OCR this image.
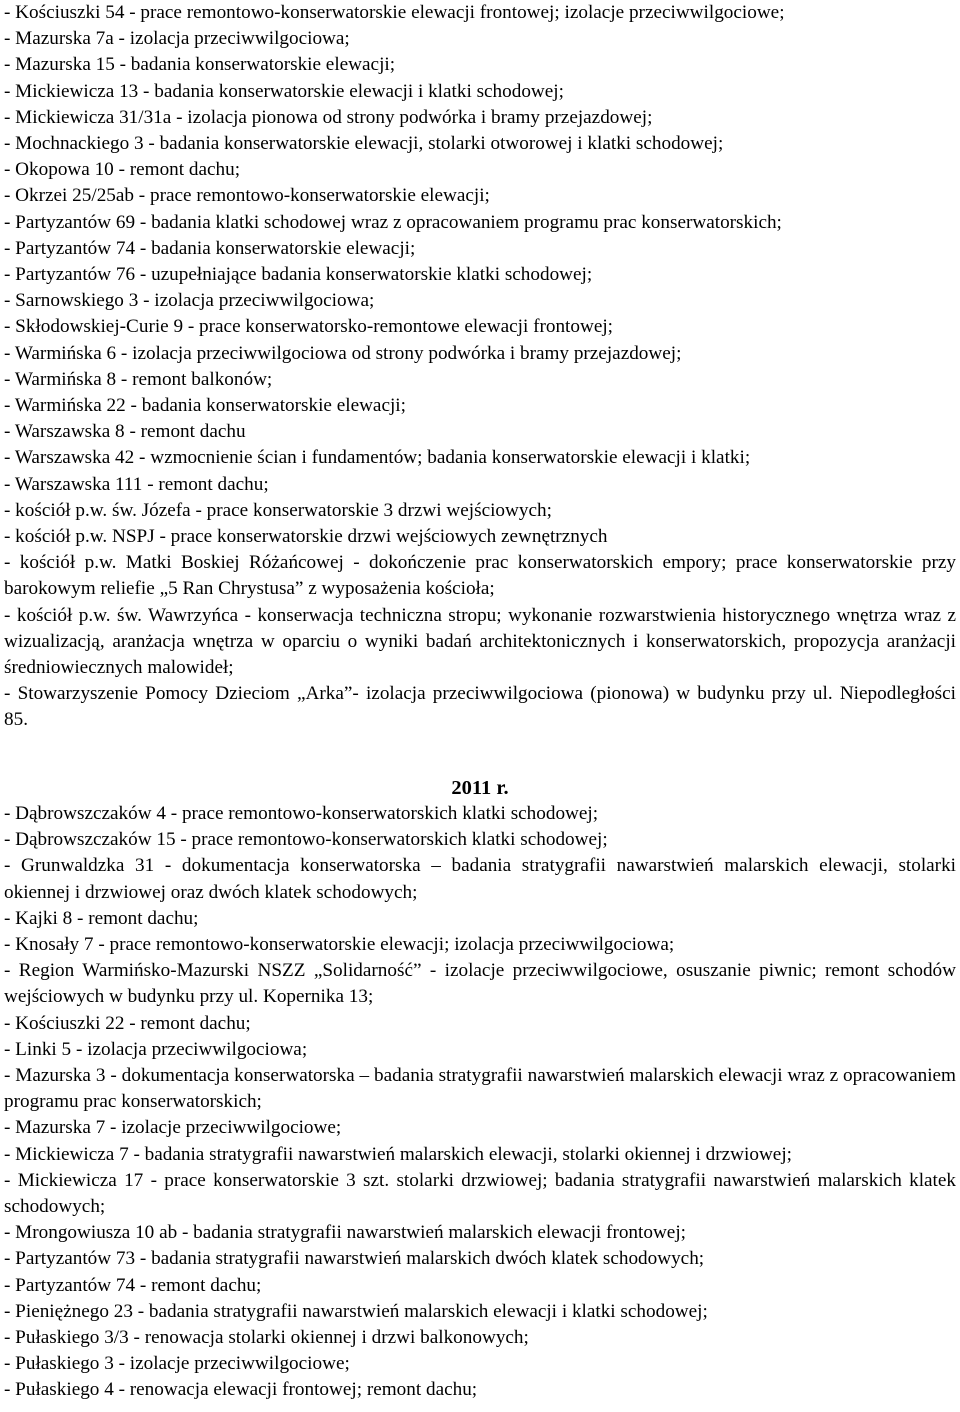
- Kościuszki 54 - prace remontowo-konserwatorskie elewacji frontowej; izolacje przeciwwilgociowe;

- Mazurska 7a - izolacja przeciwwilgociowa;

- Mazurska 15 - badania konserwatorskie elewacji;

- Mickiewicza 13 - badania konserwatorskie elewacji i klatki schodowej;

- Mickiewicza 31/31a - izolacja pionowa od strony podwórka i bramy przejazdowej;

- Mochnackiego 3 - badania konserwatorskie elewacji, stolarki otworowej i klatki schodowej;

- Okopowa 10 - remont dachu;

- Okrzei 25/25ab - prace remontowo-konserwatorskie elewacji;

- Partyzantów 69 - badania klatki schodowej wraz z opracowaniem programu prac konserwatorskich;

- Partyzantów 74 - badania konserwatorskie elewacji;

- Partyzantów 76 - uzupełniające badania konserwatorskie klatki schodowej;

- Sarnowskiego 3 - izolacja przeciwwilgociowa;

- Skłodowskiej-Curie 9 - prace konserwatorsko-remontowe elewacji frontowej;

- Warmińska 6 - izolacja przeciwwilgociowa od strony podwórka i bramy przejazdowej;

- Warmińska 8 - remont balkonów;

- Warmińska 22 - badania konserwatorskie elewacji;

- Warszawska 8 - remont dachu

- Warszawska 42 - wzmocnienie ścian i fundamentów; badania konserwatorskie elewacji i klatki;

- Warszawska 111 - remont dachu;

- kościół p.w. św. Józefa - prace konserwatorskie 3 drzwi wejściowych;

- kościół p.w. NSPJ - prace konserwatorskie drzwi wejściowych zewnętrznych

- kościół p.w. Matki Boskiej Różańcowej - dokończenie prac konserwatorskich empory; prace konserwatorskie przy barokowym reliefie „5 Ran Chrystusa” z wyposażenia kościoła;

- kościół p.w. św. Wawrzyńca - konserwacja techniczna stropu; wykonanie rozwarstwienia historycznego wnętrza wraz z wizualizacją, aranżacja wnętrza w oparciu o wyniki badań architektonicznych i konserwatorskich, propozycja aranżacji średniowiecznych malowideł;

- Stowarzyszenie Pomocy Dzieciom „Arka”- izolacja przeciwwilgociowa (pionowa) w budynku przy ul. Niepodległości 85.

2011 r.

- Dąbrowszczaków 4 - prace remontowo-konserwatorskich klatki schodowej;

- Dąbrowszczaków 15 - prace remontowo-konserwatorskich klatki schodowej;

- Grunwaldzka 31 - dokumentacja konserwatorska – badania stratygrafii nawarstwień malarskich elewacji, stolarki okiennej i drzwiowej oraz dwóch klatek schodowych;

- Kajki 8 - remont dachu;

- Knosały 7 - prace remontowo-konserwatorskie elewacji; izolacja przeciwwilgociowa;

- Region Warmińsko-Mazurski NSZZ „Solidarność” - izolacje przeciwwilgociowe, osuszanie piwnic; remont schodów wejściowych w budynku przy ul. Kopernika 13;

- Kościuszki 22 - remont dachu;

- Linki 5 - izolacja przeciwwilgociowa;

- Mazurska 3 - dokumentacja konserwatorska – badania stratygrafii nawarstwień malarskich elewacji wraz z opracowaniem programu prac konserwatorskich;

- Mazurska 7 - izolacje przeciwwilgociowe;

- Mickiewicza 7 - badania stratygrafii nawarstwień malarskich elewacji, stolarki okiennej i drzwiowej;

- Mickiewicza 17 - prace konserwatorskie 3 szt. stolarki drzwiowej; badania stratygrafii nawarstwień malarskich klatek schodowych;

- Mrongowiusza 10 ab - badania stratygrafii nawarstwień malarskich elewacji frontowej;

- Partyzantów 73 - badania stratygrafii nawarstwień malarskich dwóch klatek schodowych;

- Partyzantów 74 - remont dachu;

- Pieniężnego 23 - badania stratygrafii nawarstwień malarskich elewacji i klatki schodowej;

- Pułaskiego 3/3 - renowacja stolarki okiennej i drzwi balkonowych;

- Pułaskiego 3 - izolacje przeciwwilgociowe;

- Pułaskiego 4 - renowacja elewacji frontowej; remont dachu;
